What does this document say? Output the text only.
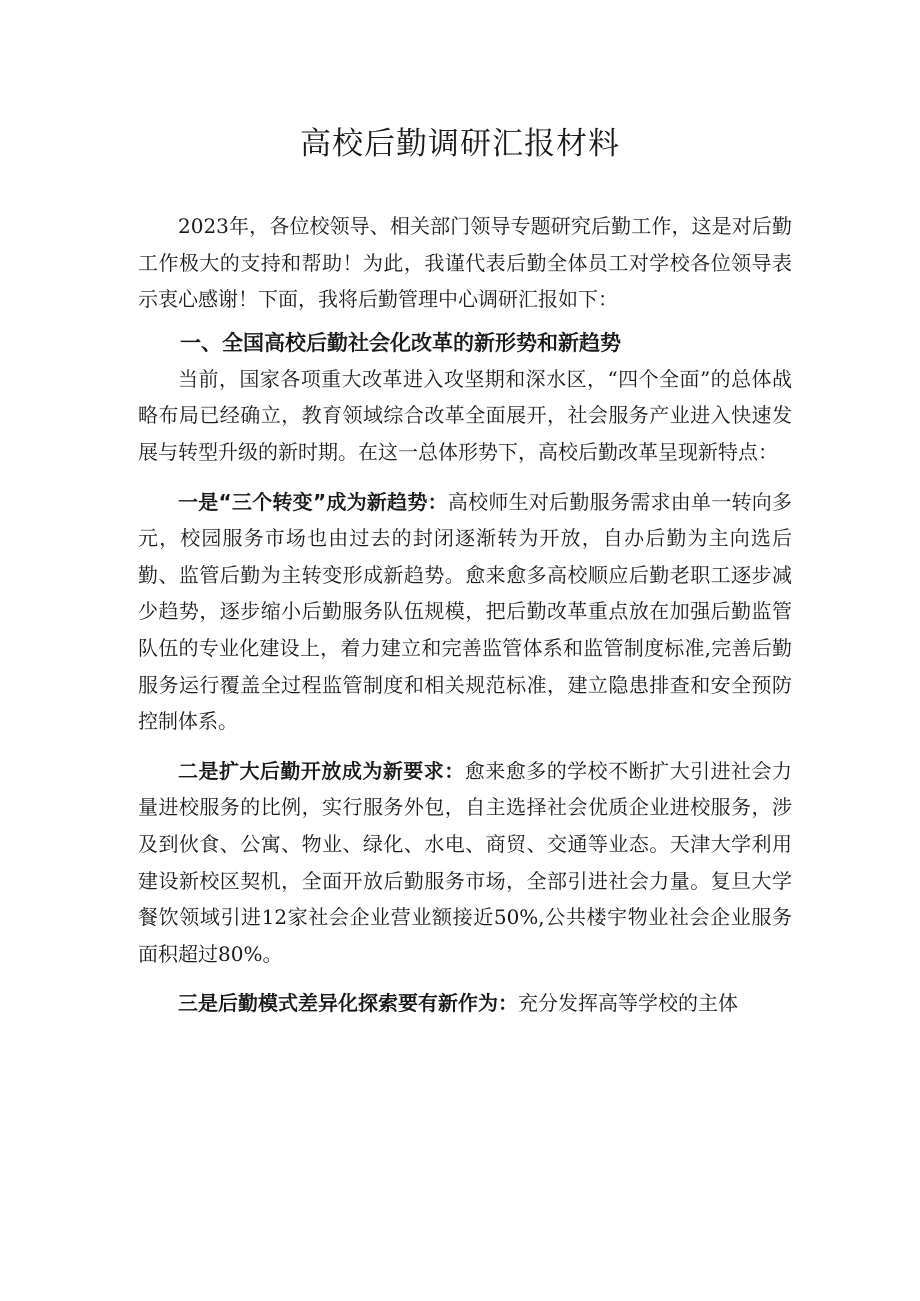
高校后勤调研汇报材料

2023年，各位校领导、相关部门领导专题研究后勤工作，这是对后勤工作极大的支持和帮助！为此，我谨代表后勤全体员工对学校各位领导表示衷心感谢！下面，我将后勤管理中心调研汇报如下：

一、全国高校后勤社会化改革的新形势和新趋势

当前，国家各项重大改革进入攻坚期和深水区，“四个全面”的总体战略布局已经确立，教育领域综合改革全面展开，社会服务产业进入快速发展与转型升级的新时期。在这一总体形势下，高校后勤改革呈现新特点：

一是“三个转变”成为新趋势：高校师生对后勤服务需求由单一转向多元，校园服务市场也由过去的封闭逐渐转为开放，自办后勤为主向选后勤、监管后勤为主转变形成新趋势。愈来愈多高校顺应后勤老职工逐步减少趋势，逐步缩小后勤服务队伍规模，把后勤改革重点放在加强后勤监管队伍的专业化建设上，着力建立和完善监管体系和监管制度标准,完善后勤服务运行覆盖全过程监管制度和相关规范标准，建立隐患排查和安全预防控制体系。

二是扩大后勤开放成为新要求：愈来愈多的学校不断扩大引进社会力量进校服务的比例，实行服务外包，自主选择社会优质企业进校服务，涉及到伙食、公寓、物业、绿化、水电、商贸、交通等业态。天津大学利用建设新校区契机，全面开放后勤服务市场，全部引进社会力量。复旦大学餐饮领域引进12家社会企业营业额接近50%,公共楼宇物业社会企业服务面积超过80%。

三是后勤模式差异化探索要有新作为：充分发挥高等学校的主体
